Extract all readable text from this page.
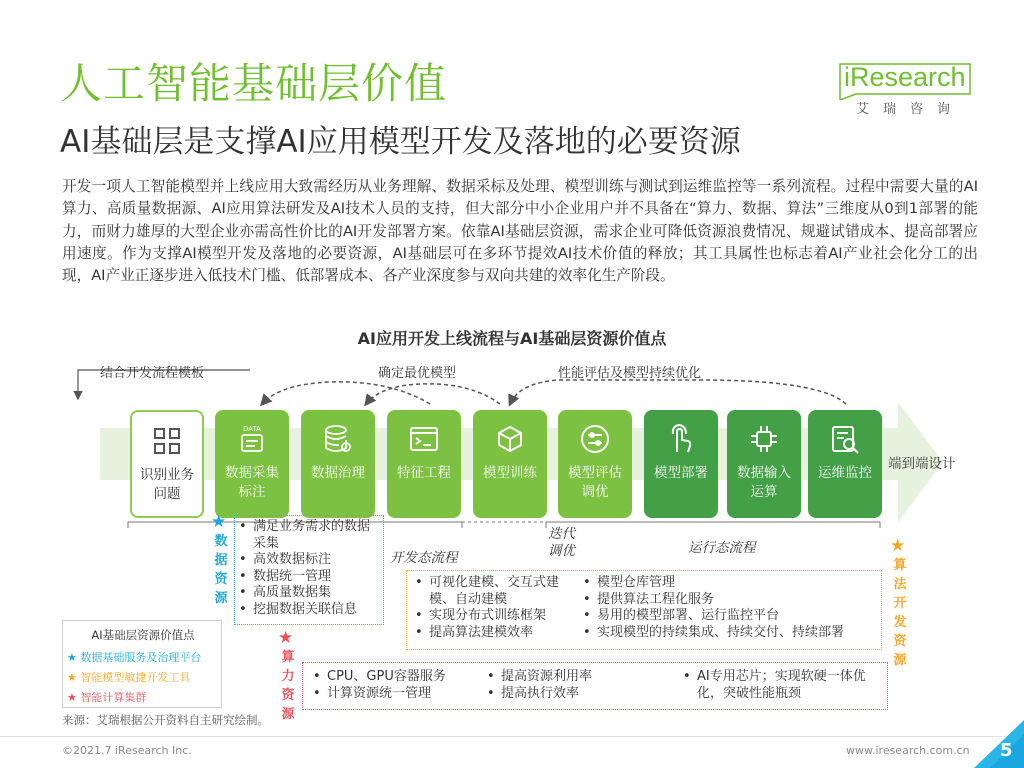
人工智能基础层价值
AI基础层是支撑AI应用模型开发及落地的必要资源
iResearch
艾瑞咨询
开发一项人工智能模型并上线应用大致需经历从业务理解、数据采标及处理、模型训练与测试到运维监控等一系列流程。过程中需要大量的AI算力、高质量数据源、AI应用算法研发及AI技术人员的支持，但大部分中小企业用户并不具备在“算力、数据、算法”三维度从0到1部署的能力，而财力雄厚的大型企业亦需高性价比的AI开发部署方案。依靠AI基础层资源，需求企业可降低资源浪费情况、规避试错成本、提高部署应用速度。作为支撑AI模型开发及落地的必要资源，AI基础层可在多环节提效AI技术价值的释放；其工具属性也标志着AI产业社会化分工的出现，AI产业正逐步进入低技术门槛、低部署成本、各产业深度参与双向共建的效率化生产阶段。
AI应用开发上线流程与AI基础层资源价值点
结合开发流程模板	确定最优模型	性能评估及模型持续优化
端到端设计
识别业务问题
DATA
数据采集标注
数据治理 特征工程 模型训练 模型评估调优
模型部署 数据输入运算
运维监控
开发态流程
迭代
调优	运行态流程
★
数据资源
• 满足业务需求的数据采集
• 高效数据标注
• 数据统一管理
• 高质量数据集
• 挖掘数据关联信息
• 可视化建模、交互式建模、自动建模
• 实现分布式训练框架
• 提高算法建模效率
• 模型仓库管理
• 提供算法工程化服务
• 易用的模型部署、运行监控平台
• 实现模型的持续集成、持续交付、持续部署
★
算法开发资源
★
算力资源
• CPU、GPU容器服务
• 计算资源统一管理
• 提高资源利用率
• 提高执行效率
• AI专用芯片；实现软硬一体优化，突破性能瓶颈
AI基础层资源价值点
★ 数据基础服务及治理平台
★ 智能模型敏捷开发工具
★ 智能计算集群
来源：艾瑞根据公开资料自主研究绘制。
©2021.7 iResearch Inc.	www.iresearch.com.cn 5
